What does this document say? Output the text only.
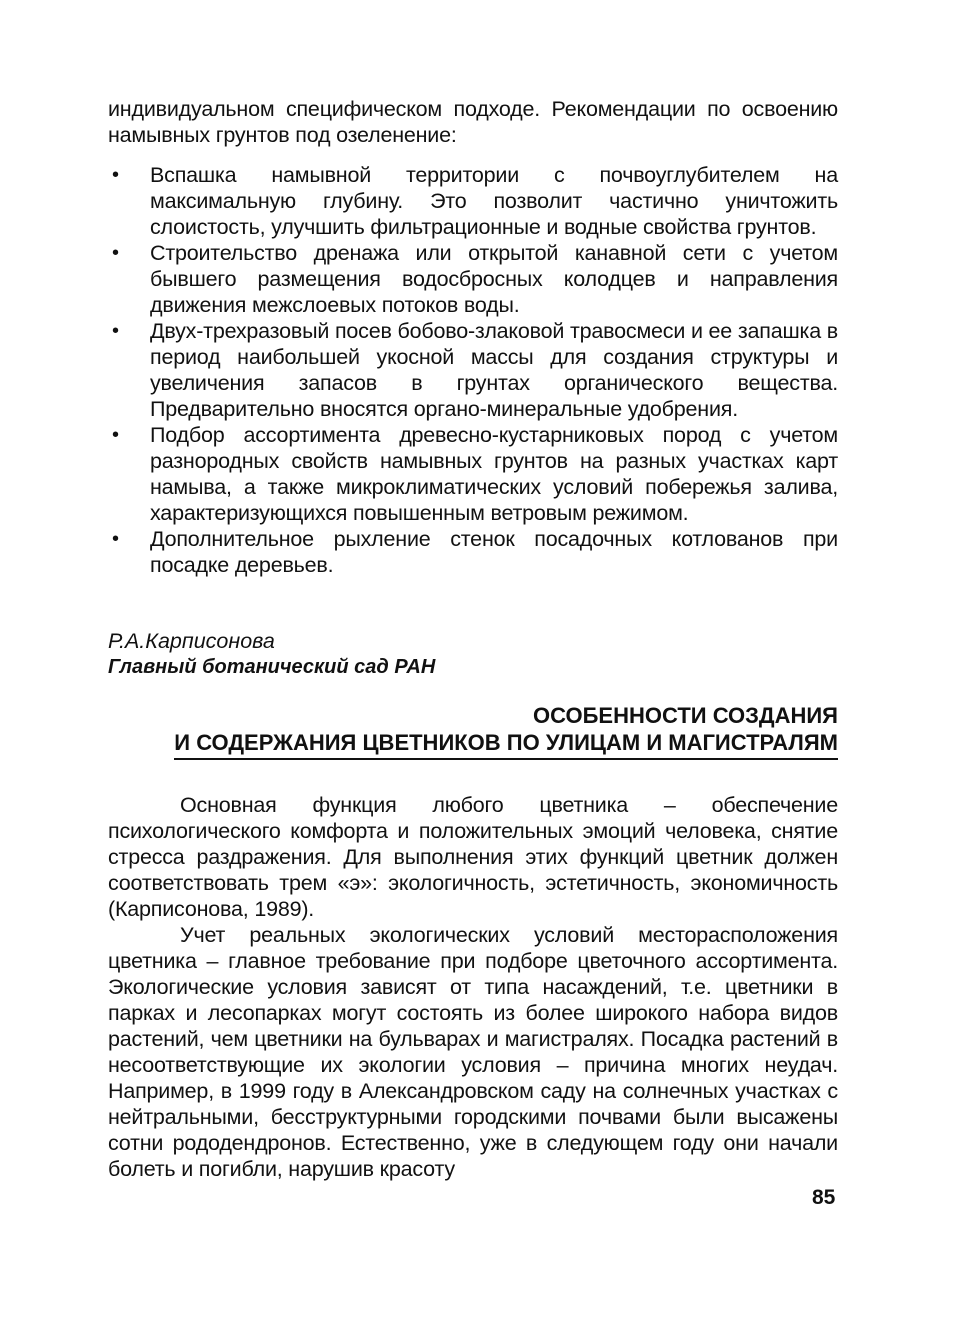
индивидуальном специфическом подходе. Рекомендации по освоению намывных грунтов под озеленение:

•	Вспашка намывной территории с почвоуглубителем на максимальную глубину. Это позволит частично уничтожить слоистость, улучшить фильтрационные и водные свойства грунтов.
•	Строительство дренажа или открытой канавной сети с учетом бывшего размещения водосбросных колодцев и направления движения межслоевых потоков воды.
•	Двух-трехразовый посев бобово-злаковой травосмеси и ее запашка в период наибольшей укосной массы для создания структуры и увеличения запасов в грунтах органического вещества. Предварительно вносятся органо-минеральные удобрения.
•	Подбор ассортимента древесно-кустарниковых пород с учетом разнородных свойств намывных грунтов на разных участках карт намыва, а также микроклиматических условий побережья залива, характеризующихся повышенным ветровым режимом.
•	Дополнительное рыхление стенок посадочных котлованов при посадке деревьев.
Р.А.Карписонова
Главный ботанический сад РАН
ОСОБЕННОСТИ СОЗДАНИЯ
И СОДЕРЖАНИЯ ЦВЕТНИКОВ ПО УЛИЦАМ И МАГИСТРАЛЯМ

Основная функция любого цветника – обеспечение психологического комфорта и положительных эмоций человека, снятие стресса раздражения. Для выполнения этих функций цветник должен соответствовать трем «э»: экологичность, эстетичность, экономичность (Карписонова, 1989).

Учет реальных экологических условий месторасположения цветника – главное требование при подборе цветочного ассортимента. Экологические условия зависят от типа насаждений, т.е. цветники в парках и лесопарках могут состоять из более широкого набора видов растений, чем цветники на бульварах и магистралях. Посадка растений в несоответствующие их экологии условия – причина многих неудач. Например, в 1999 году в Александровском саду на солнечных участках с нейтральными, бесструктурными городскими почвами были высажены сотни рододендронов. Естественно, уже в следующем году они начали болеть и погибли, нарушив красоту

85
